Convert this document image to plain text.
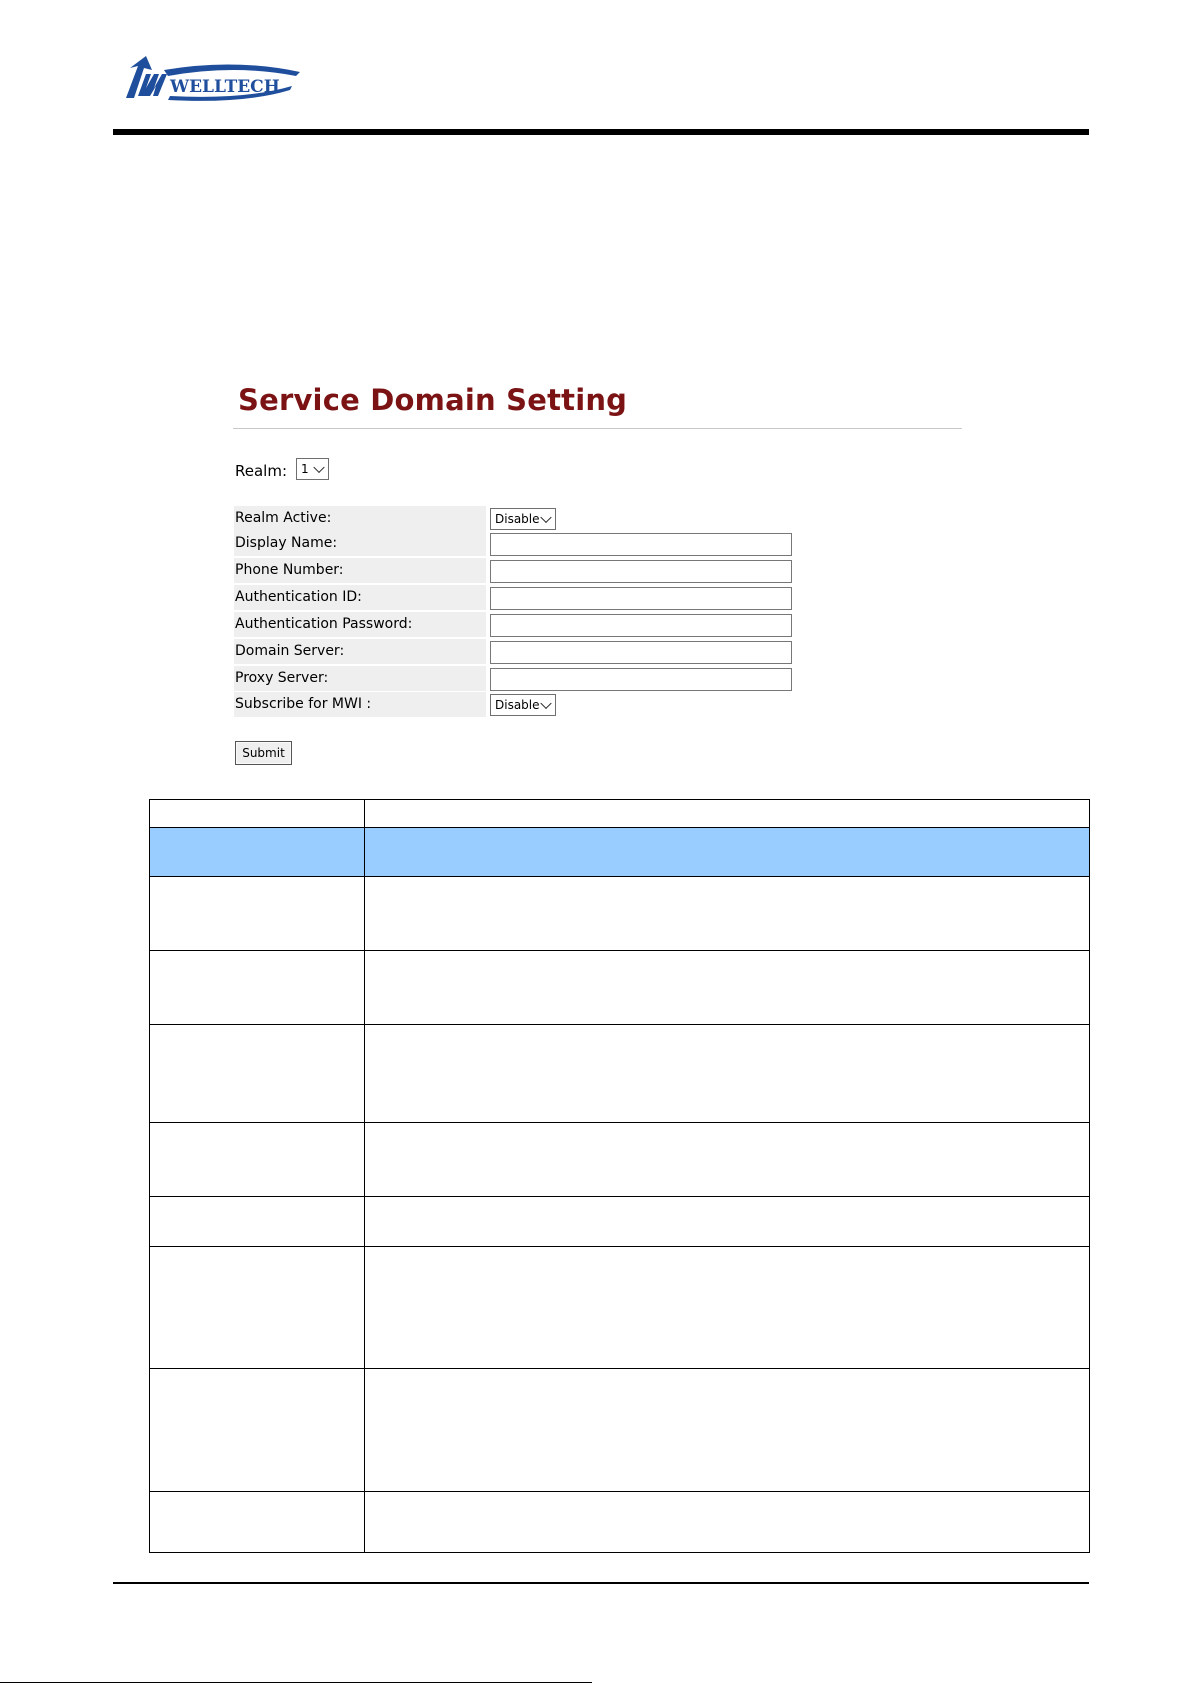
WELLTECH
Service Domain Setting
Realm: 1
Realm Active:	Disable
Display Name:
Phone Number:
Authentication ID:
Authentication Password:
Domain Server:
Proxy Server:
Subscribe for MWI :	Disable
Submit
